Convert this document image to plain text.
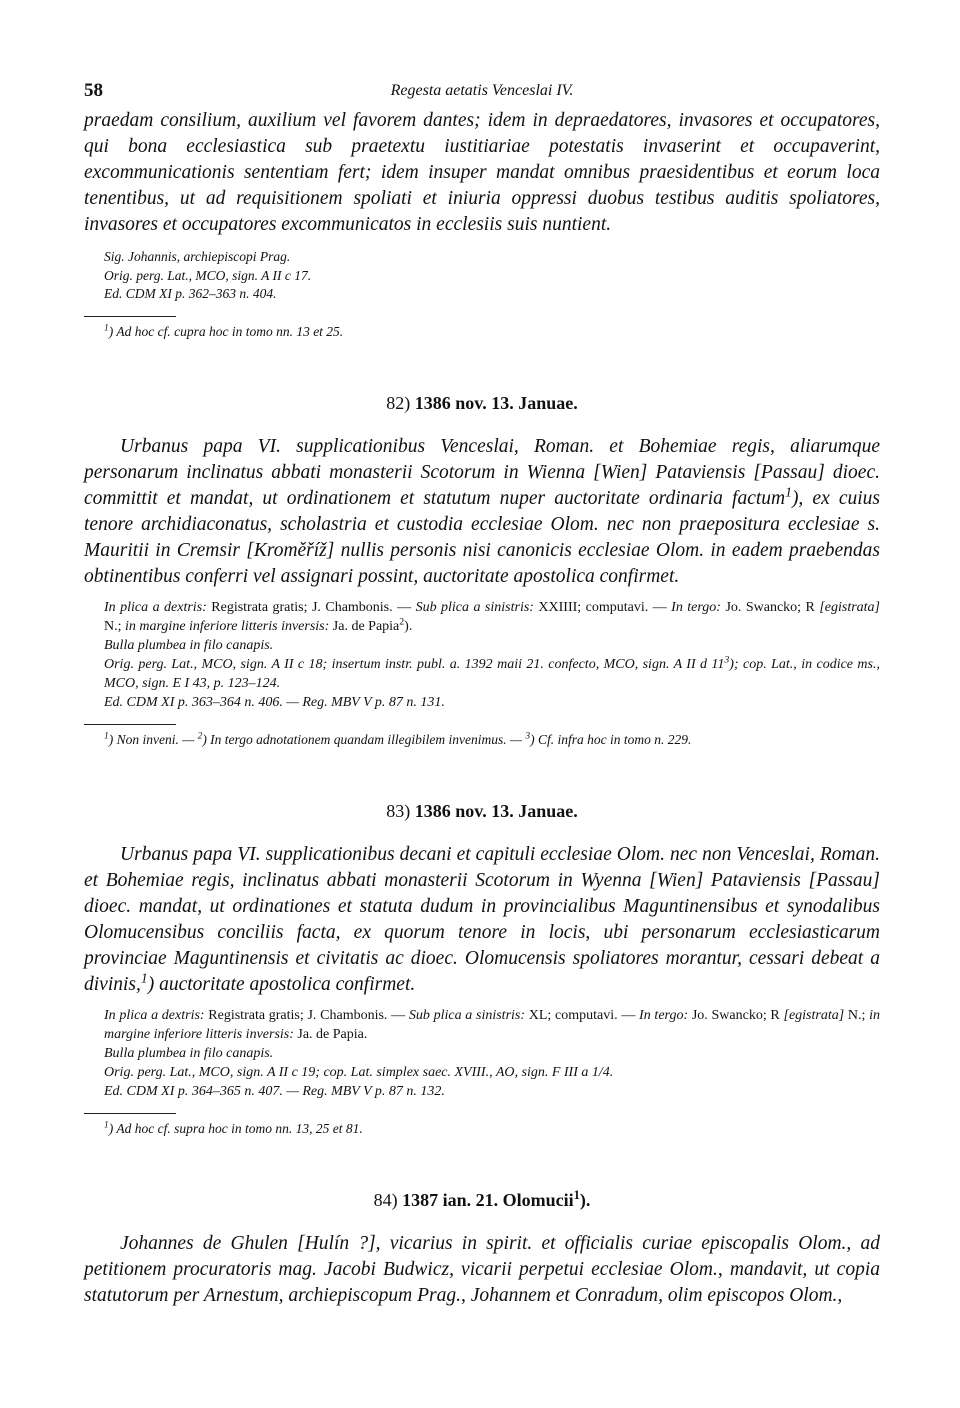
58	Regesta aetatis Venceslai IV.

praedam consilium, auxilium vel favorem dantes; idem in depraedatores, invasores et occupatores, qui bona ecclesiastica sub praetextu iustitiariae potestatis invaserint et occupaverint, excommunicationis sententiam fert; idem insuper mandat omnibus praesidentibus et eorum loca tenentibus, ut ad requisitionem spoliati et iniuria oppressi duobus testibus auditis spoliatores, invasores et occupatores excommunicatos in ecclesiis suis nuntient.

Sig. Johannis, archiepiscopi Prag.

Orig. perg. Lat., MCO, sign. A II c 17.

Ed. CDM XI p. 362–363 n. 404.

$^1$) Ad hoc cf. cupra hoc in tomo nn. 13 et 25.

82) 1386 nov. 13. Januae.

Urbanus papa VI. supplicationibus Venceslai, Roman. et Bohemiae regis, aliarumque personarum inclinatus abbati monasterii Scotorum in Wienna [Wien] Pataviensis [Passau] dioec. committit et mandat, ut ordinationem et statutum nuper auctoritate ordinaria factum$^1$), ex cuius tenore archidiaconatus, scholastria et custodia ecclesiae Olom. nec non praepositura ecclesiae s. Mauritii in Cremsir [Kroměříž] nullis personis nisi canonicis ecclesiae Olom. in eadem praebendas obtinentibus conferri vel assignari possint, auctoritate apostolica confirmet.

In plica a dextris: Registrata gratis; J. Chambonis. — Sub plica a sinistris: XXIIII; computavi. — In tergo: Jo. Swancko; R [egistrata] N.; in margine inferiore litteris inversis: Ja. de Papia$^2$).
Bulla plumbea in filo canapis.
Orig. perg. Lat., MCO, sign. A II c 18; insertum instr. publ. a. 1392 maii 21. confecto, MCO, sign. A II d $11^3$); cop. Lat., in codice ms., MCO, sign. E I 43, p. 123–124.
Ed. CDM XI p. 363–364 n. 406. — Reg. MBV V p. 87 n. 131.

$^1$) Non inveni. — $^2$) In tergo adnotationem quandam illegibilem invenimus. — $^3$) Cf. infra hoc in tomo n. 229.

83) 1386 nov. 13. Januae.

Urbanus papa VI. supplicationibus decani et capituli ecclesiae Olom. nec non Venceslai, Roman. et Bohemiae regis, inclinatus abbati monasterii Scotorum in Wyenna [Wien] Pataviensis [Passau] dioec. mandat, ut ordinationes et statuta dudum in provincialibus Maguntinensibus et synodalibus Olomucensibus conciliis facta, ex quorum tenore in locis, ubi personarum ecclesiasticarum provinciae Maguntinensis et civitatis ac dioec. Olomucensis spoliatores morantur, cessari debeat a divinis,$^1$) auctoritate apostolica confirmet.

In plica a dextris: Registrata gratis; J. Chambonis. — Sub plica a sinistris: XL; computavi. — In tergo: Jo. Swancko; R [egistrata] N.; in margine inferiore litteris inversis: Ja. de Papia.
Bulla plumbea in filo canapis.
Orig. perg. Lat., MCO, sign. A II c 19; cop. Lat. simplex saec. XVIII., AO, sign. F III a 1/4.
Ed. CDM XI p. 364–365 n. 407. — Reg. MBV V p. 87 n. 132.

$^1$) Ad hoc cf. supra hoc in tomo nn. 13, 25 et 81.

84) 1387 ian. 21. Olomucii$^1$).

Johannes de Ghulen [Hulín ?], vicarius in spirit. et officialis curiae episcopalis Olom., ad petitionem procuratoris mag. Jacobi Budwicz, vicarii perpetui ecclesiae Olom., mandavit, ut copia statutorum per Arnestum, archiepiscopum Prag., Johannem et Conradum, olim episcopos Olom.,
